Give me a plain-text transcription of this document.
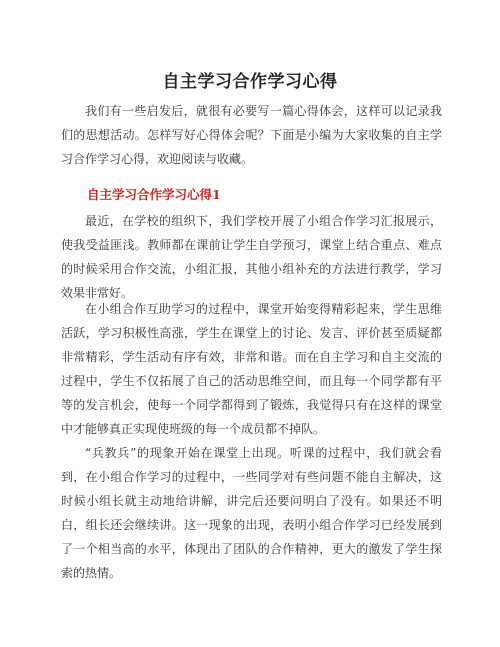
自主学习合作学习心得

我们有一些启发后，就很有必要写一篇心得体会，这样可以记录我们的思想活动。怎样写好心得体会呢？下面是小编为大家收集的自主学习合作学习心得，欢迎阅读与收藏。

自主学习合作学习心得1

最近，在学校的组织下，我们学校开展了小组合作学习汇报展示，使我受益匪浅。教师都在课前让学生自学预习，课堂上结合重点、难点的时候采用合作交流，小组汇报，其他小组补充的方法进行教学，学习效果非常好。

在小组合作互助学习的过程中，课堂开始变得精彩起来，学生思维活跃，学习积极性高涨，学生在课堂上的讨论、发言、评价甚至质疑都非常精彩，学生活动有序有效，非常和谐。而在自主学习和自主交流的过程中，学生不仅拓展了自己的活动思维空间，而且每一个同学都有平等的发言机会，使每一个同学都得到了锻炼，我觉得只有在这样的课堂中才能够真正实现使班级的每一个成员都不掉队。

“兵教兵”的现象开始在课堂上出现。听课的过程中，我们就会看到，在小组合作学习的过程中，一些同学对有些问题不能自主解决，这时候小组长就主动地给讲解，讲完后还要问明白了没有。如果还不明白，组长还会继续讲。这一现象的出现，表明小组合作学习已经发展到了一个相当高的水平，体现出了团队的合作精神，更大的激发了学生探索的热情。
